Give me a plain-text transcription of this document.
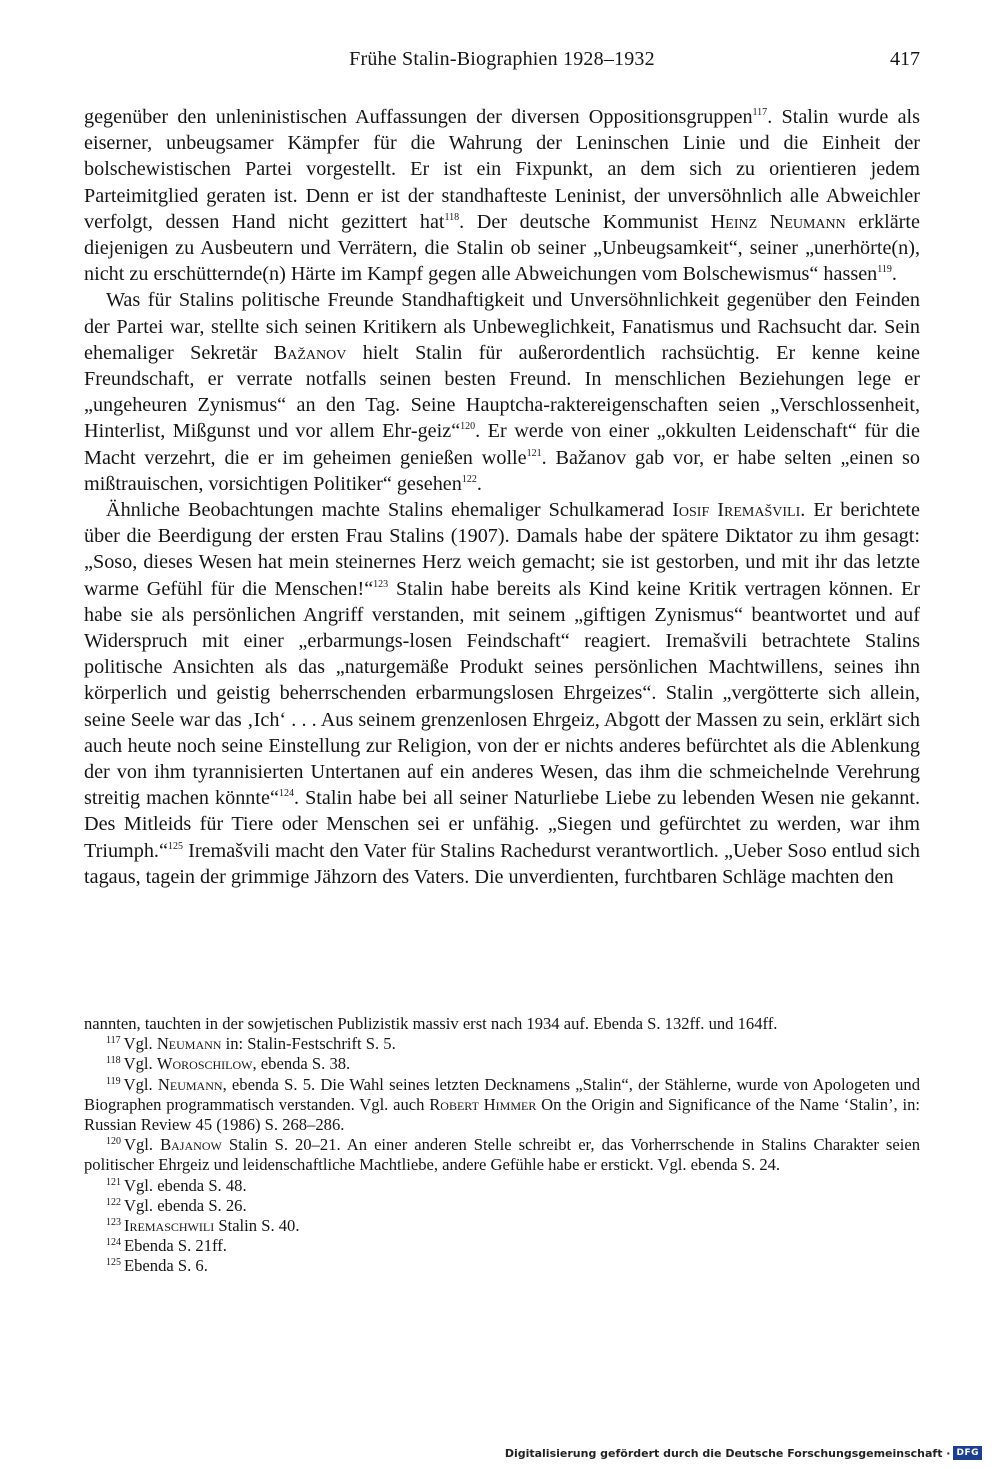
Frühe Stalin-Biographien 1928–1932	417

gegenüber den unleninistischen Auffassungen der diversen Oppositionsgruppen$^{117}$. Stalin wurde als eiserner, unbeugsamer Kämpfer für die Wahrung der Leninschen Linie und die Einheit der bolschewistischen Partei vorgestellt. Er ist ein Fixpunkt, an dem sich zu orientieren jedem Parteimitglied geraten ist. Denn er ist der standhafteste Leninist, der unversöhnlich alle Abweichler verfolgt, dessen Hand nicht gezittert hat$^{118}$. Der deutsche Kommunist Heinz Neumann erklärte diejenigen zu Ausbeutern und Verrätern, die Stalin ob seiner „Unbeugsamkeit“, seiner „unerhörte(n), nicht zu erschütternde(n) Härte im Kampf gegen alle Abweichungen vom Bolschewismus“ hassen$^{119}$.

Was für Stalins politische Freunde Standhaftigkeit und Unversöhnlichkeit gegenüber den Feinden der Partei war, stellte sich seinen Kritikern als Unbeweglichkeit, Fanatismus und Rachsucht dar. Sein ehemaliger Sekretär Bažanov hielt Stalin für außerordentlich rachsüchtig. Er kenne keine Freundschaft, er verrate notfalls seinen besten Freund. In menschlichen Beziehungen lege er „ungeheuren Zynismus“ an den Tag. Seine Hauptcha-raktereigenschaften seien „Verschlossenheit, Hinterlist, Mißgunst und vor allem Ehr-geiz“$^{120}$. Er werde von einer „okkulten Leidenschaft“ für die Macht verzehrt, die er im geheimen genießen wolle$^{121}$. Bažanov gab vor, er habe selten „einen so mißtrauischen, vorsichtigen Politiker“ gesehen$^{122}$.

Ähnliche Beobachtungen machte Stalins ehemaliger Schulkamerad Iosif Iremašvili. Er berichtete über die Beerdigung der ersten Frau Stalins (1907). Damals habe der spätere Diktator zu ihm gesagt: „Soso, dieses Wesen hat mein steinernes Herz weich gemacht; sie ist gestorben, und mit ihr das letzte warme Gefühl für die Menschen!“$^{123}$ Stalin habe bereits als Kind keine Kritik vertragen können. Er habe sie als persönlichen Angriff verstanden, mit seinem „giftigen Zynismus“ beantwortet und auf Widerspruch mit einer „erbarmungs-losen Feindschaft“ reagiert. Iremašvili betrachtete Stalins politische Ansichten als das „naturgemäße Produkt seines persönlichen Machtwillens, seines ihn körperlich und geistig beherrschenden erbarmungslosen Ehrgeizes“. Stalin „vergötterte sich allein, seine Seele war das ‚Ich‘ . . . Aus seinem grenzenlosen Ehrgeiz, Abgott der Massen zu sein, erklärt sich auch heute noch seine Einstellung zur Religion, von der er nichts anderes befürchtet als die Ablenkung der von ihm tyrannisierten Untertanen auf ein anderes Wesen, das ihm die schmeichelnde Verehrung streitig machen könnte“$^{124}$. Stalin habe bei all seiner Naturliebe Liebe zu lebenden Wesen nie gekannt. Des Mitleids für Tiere oder Menschen sei er unfähig. „Siegen und gefürchtet zu werden, war ihm Triumph.“$^{125}$ Iremašvili macht den Vater für Stalins Rachedurst verantwortlich. „Ueber Soso entlud sich tagaus, tagein der grimmige Jähzorn des Vaters. Die unverdienten, furchtbaren Schläge machten den

nannten, tauchten in der sowjetischen Publizistik massiv erst nach 1934 auf. Ebenda S. 132ff. und 164ff.

$^{117}$ Vgl. Neumann in: Stalin-Festschrift S. 5.

$^{118}$ Vgl. Woroschilow, ebenda S. 38.

$^{119}$ Vgl. Neumann, ebenda S. 5. Die Wahl seines letzten Decknamens „Stalin“, der Stählerne, wurde von Apologeten und Biographen programmatisch verstanden. Vgl. auch Robert Himmer On the Origin and Significance of the Name ‘Stalin’, in: Russian Review 45 (1986) S. 268–286.

$^{120}$ Vgl. Bajanow Stalin S. 20–21. An einer anderen Stelle schreibt er, das Vorherrschende in Stalins Charakter seien politischer Ehrgeiz und leidenschaftliche Machtliebe, andere Gefühle habe er erstickt. Vgl. ebenda S. 24.

$^{121}$ Vgl. ebenda S. 48.

$^{122}$ Vgl. ebenda S. 26.

$^{123}$ Iremaschwili Stalin S. 40.

$^{124}$ Ebenda S. 21ff.

$^{125}$ Ebenda S. 6.

Digitalisierung gefördert durch die Deutsche Forschungsgemeinschaft · DFG
